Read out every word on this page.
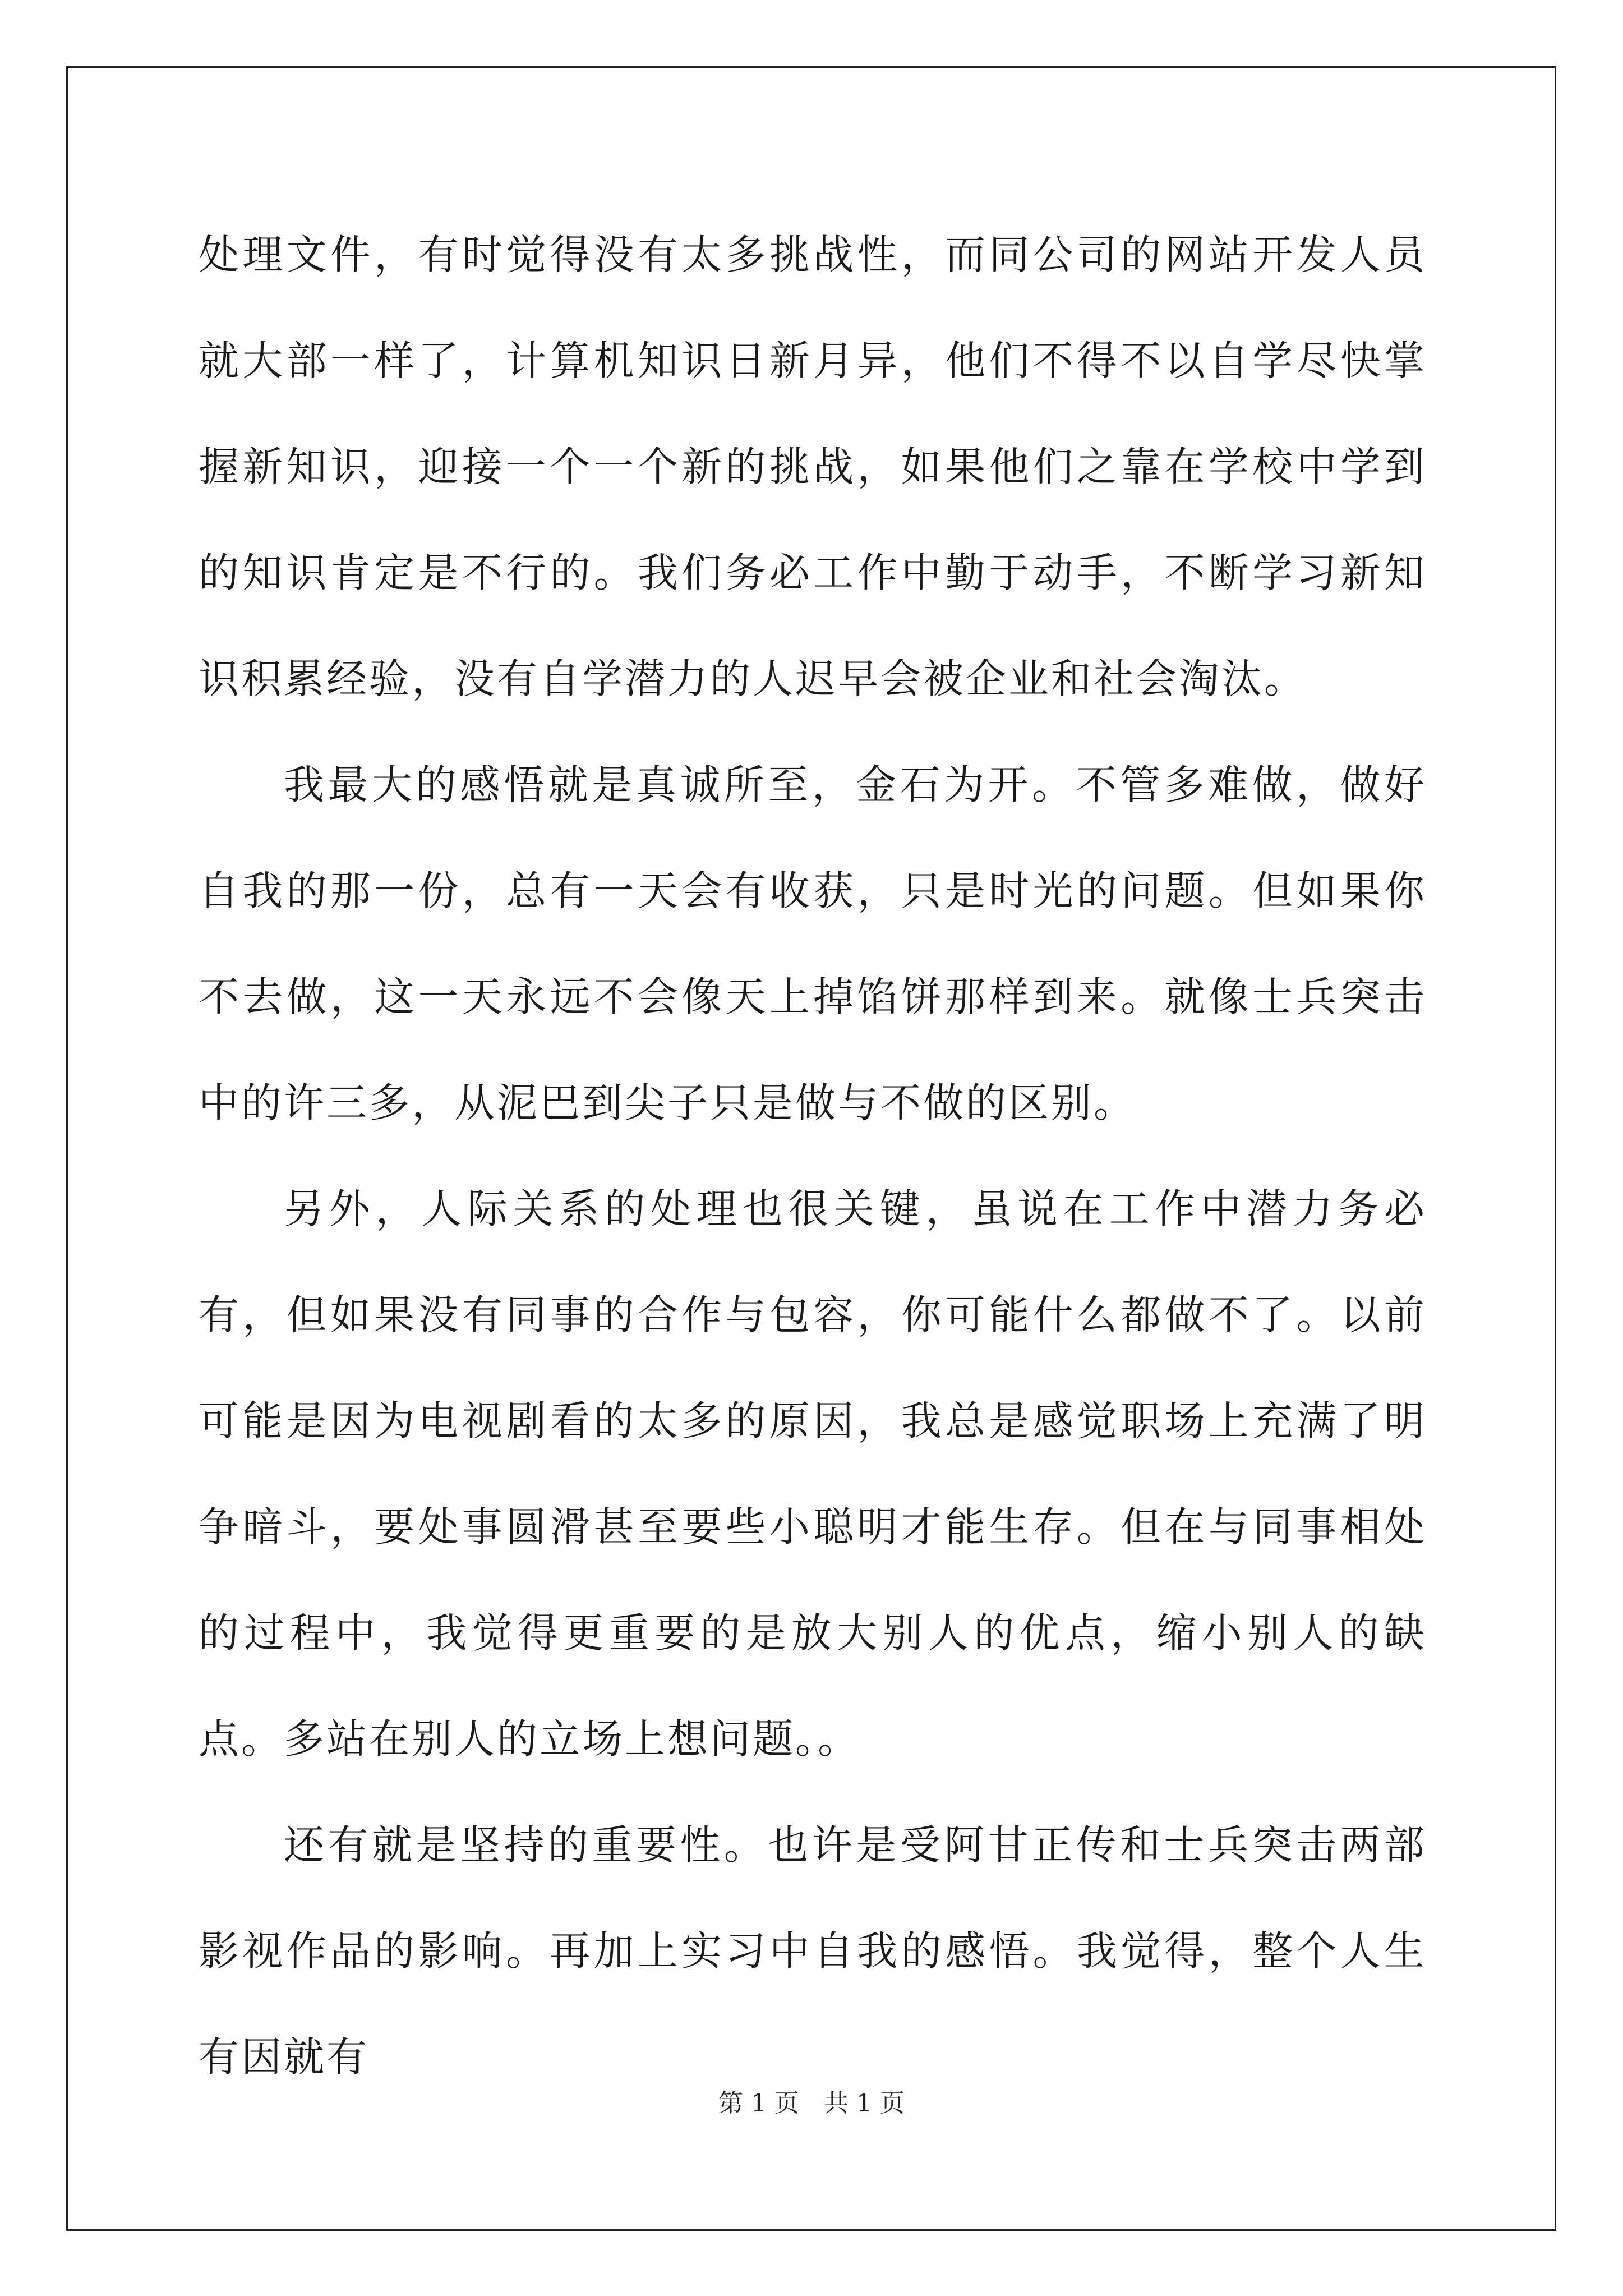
处理文件，有时觉得没有太多挑战性，而同公司的网站开发人员就大部一样了，计算机知识日新月异，他们不得不以自学尽快掌握新知识，迎接一个一个新的挑战，如果他们之靠在学校中学到的知识肯定是不行的。我们务必工作中勤于动手，不断学习新知识积累经验，没有自学潜力的人迟早会被企业和社会淘汰。

我最大的感悟就是真诚所至，金石为开。不管多难做，做好自我的那一份，总有一天会有收获，只是时光的问题。但如果你不去做，这一天永远不会像天上掉馅饼那样到来。就像士兵突击中的许三多，从泥巴到尖子只是做与不做的区别。

另外，人际关系的处理也很关键，虽说在工作中潜力务必有，但如果没有同事的合作与包容，你可能什么都做不了。以前可能是因为电视剧看的太多的原因，我总是感觉职场上充满了明争暗斗，要处事圆滑甚至要些小聪明才能生存。但在与同事相处的过程中，我觉得更重要的是放大别人的优点，缩小别人的缺点。多站在别人的立场上想问题。。

还有就是坚持的重要性。也许是受阿甘正传和士兵突击两部影视作品的影响。再加上实习中自我的感悟。我觉得，整个人生有因就有

第 1 页 共 1 页
